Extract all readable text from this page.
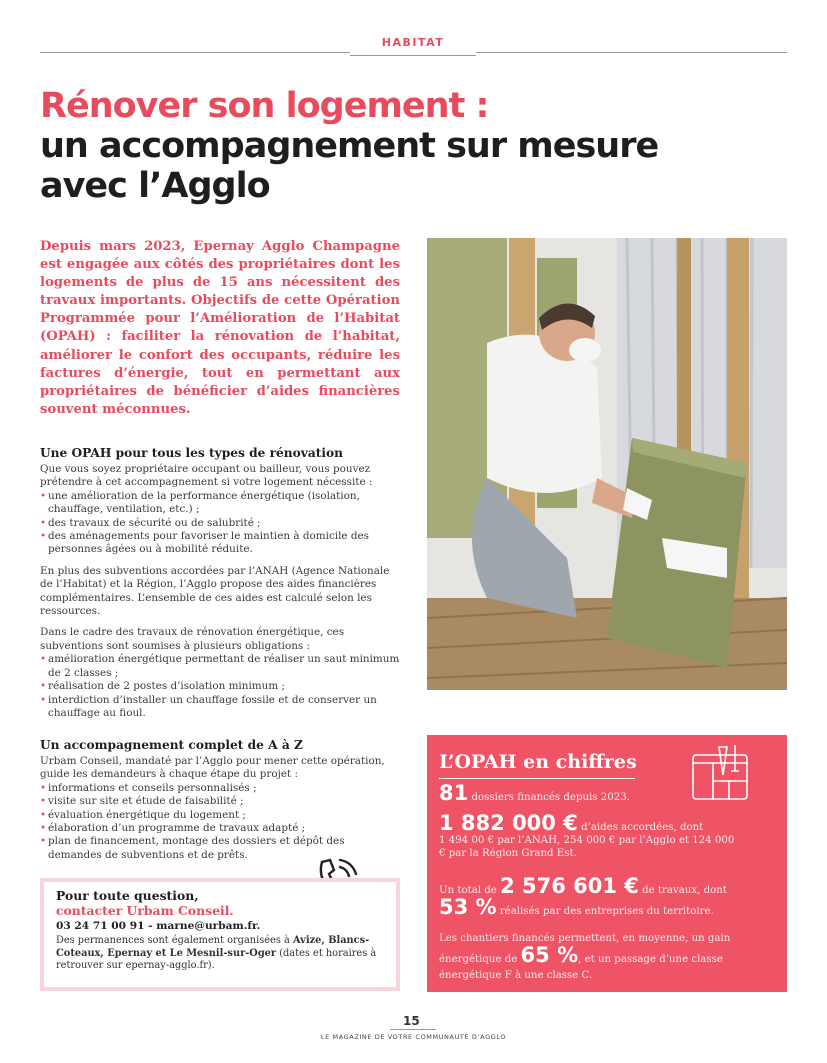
HABITAT
Rénover son logement :
un accompagnement sur mesure
avec l’Agglo

Depuis mars 2023, Epernay Agglo Champagne est engagée aux côtés des propriétaires dont les logements de plus de 15 ans nécessitent des travaux importants. Objectifs de cette Opération Programmée pour l’Amélioration de l’Habitat (OPAH) : faciliter la rénovation de l’habitat, améliorer le confort des occupants, réduire les factures d’énergie, tout en permettant aux propriétaires de bénéficier d’aides financières souvent méconnues.

Une OPAH pour tous les types de rénovation
Que vous soyez propriétaire occupant ou bailleur, vous pouvez prétendre à cet accompagnement si votre logement nécessite :
• une amélioration de la performance énergétique (isolation, chauffage, ventilation, etc.) ;
• des travaux de sécurité ou de salubrité ;
• des aménagements pour favoriser le maintien à domicile des personnes âgées ou à mobilité réduite.
En plus des subventions accordées par l’ANAH (Agence Nationale de l’Habitat) et la Région, l’Agglo propose des aides financières complémentaires. L’ensemble de ces aides est calculé selon les ressources.
Dans le cadre des travaux de rénovation énergétique, ces subventions sont soumises à plusieurs obligations :
• amélioration énergétique permettant de réaliser un saut minimum de 2 classes ;
• réalisation de 2 postes d’isolation minimum ;
• interdiction d’installer un chauffage fossile et de conserver un chauffage au fioul.
Un accompagnement complet de A à Z
Urbam Conseil, mandaté par l’Agglo pour mener cette opération, guide les demandeurs à chaque étape du projet :
• informations et conseils personnalisés ;
• visite sur site et étude de faisabilité ;
• évaluation énergétique du logement ;
• élaboration d’un programme de travaux adapté ;
• plan de financement, montage des dossiers et dépôt des demandes de subventions et de prêts.
L’OPAH en chiffres
81 dossiers financés depuis 2023.
1 882 000 € d’aides accordées, dont
1 494 00 € par l’ANAH, 254 000 € par l’Agglo et 124 000 € par la Région Grand Est.
Un total de 2 576 601 € de travaux, dont
53 % réalisés par des entreprises du territoire.
Les chantiers financés permettent, en moyenne, un gain énergétique de 65 %, et un passage d’une classe énergétique F à une classe C.
Pour toute question,
contacter Urbam Conseil.
03 24 71 00 91 - marne@urbam.fr.
Des permanences sont également organisées à Avize, Blancs-Coteaux, Epernay et Le Mesnil-sur-Oger (dates et horaires à retrouver sur epernay-agglo.fr).
15
LE MAGAZINE DE VOTRE COMMUNAUTÉ D’AGGLO
